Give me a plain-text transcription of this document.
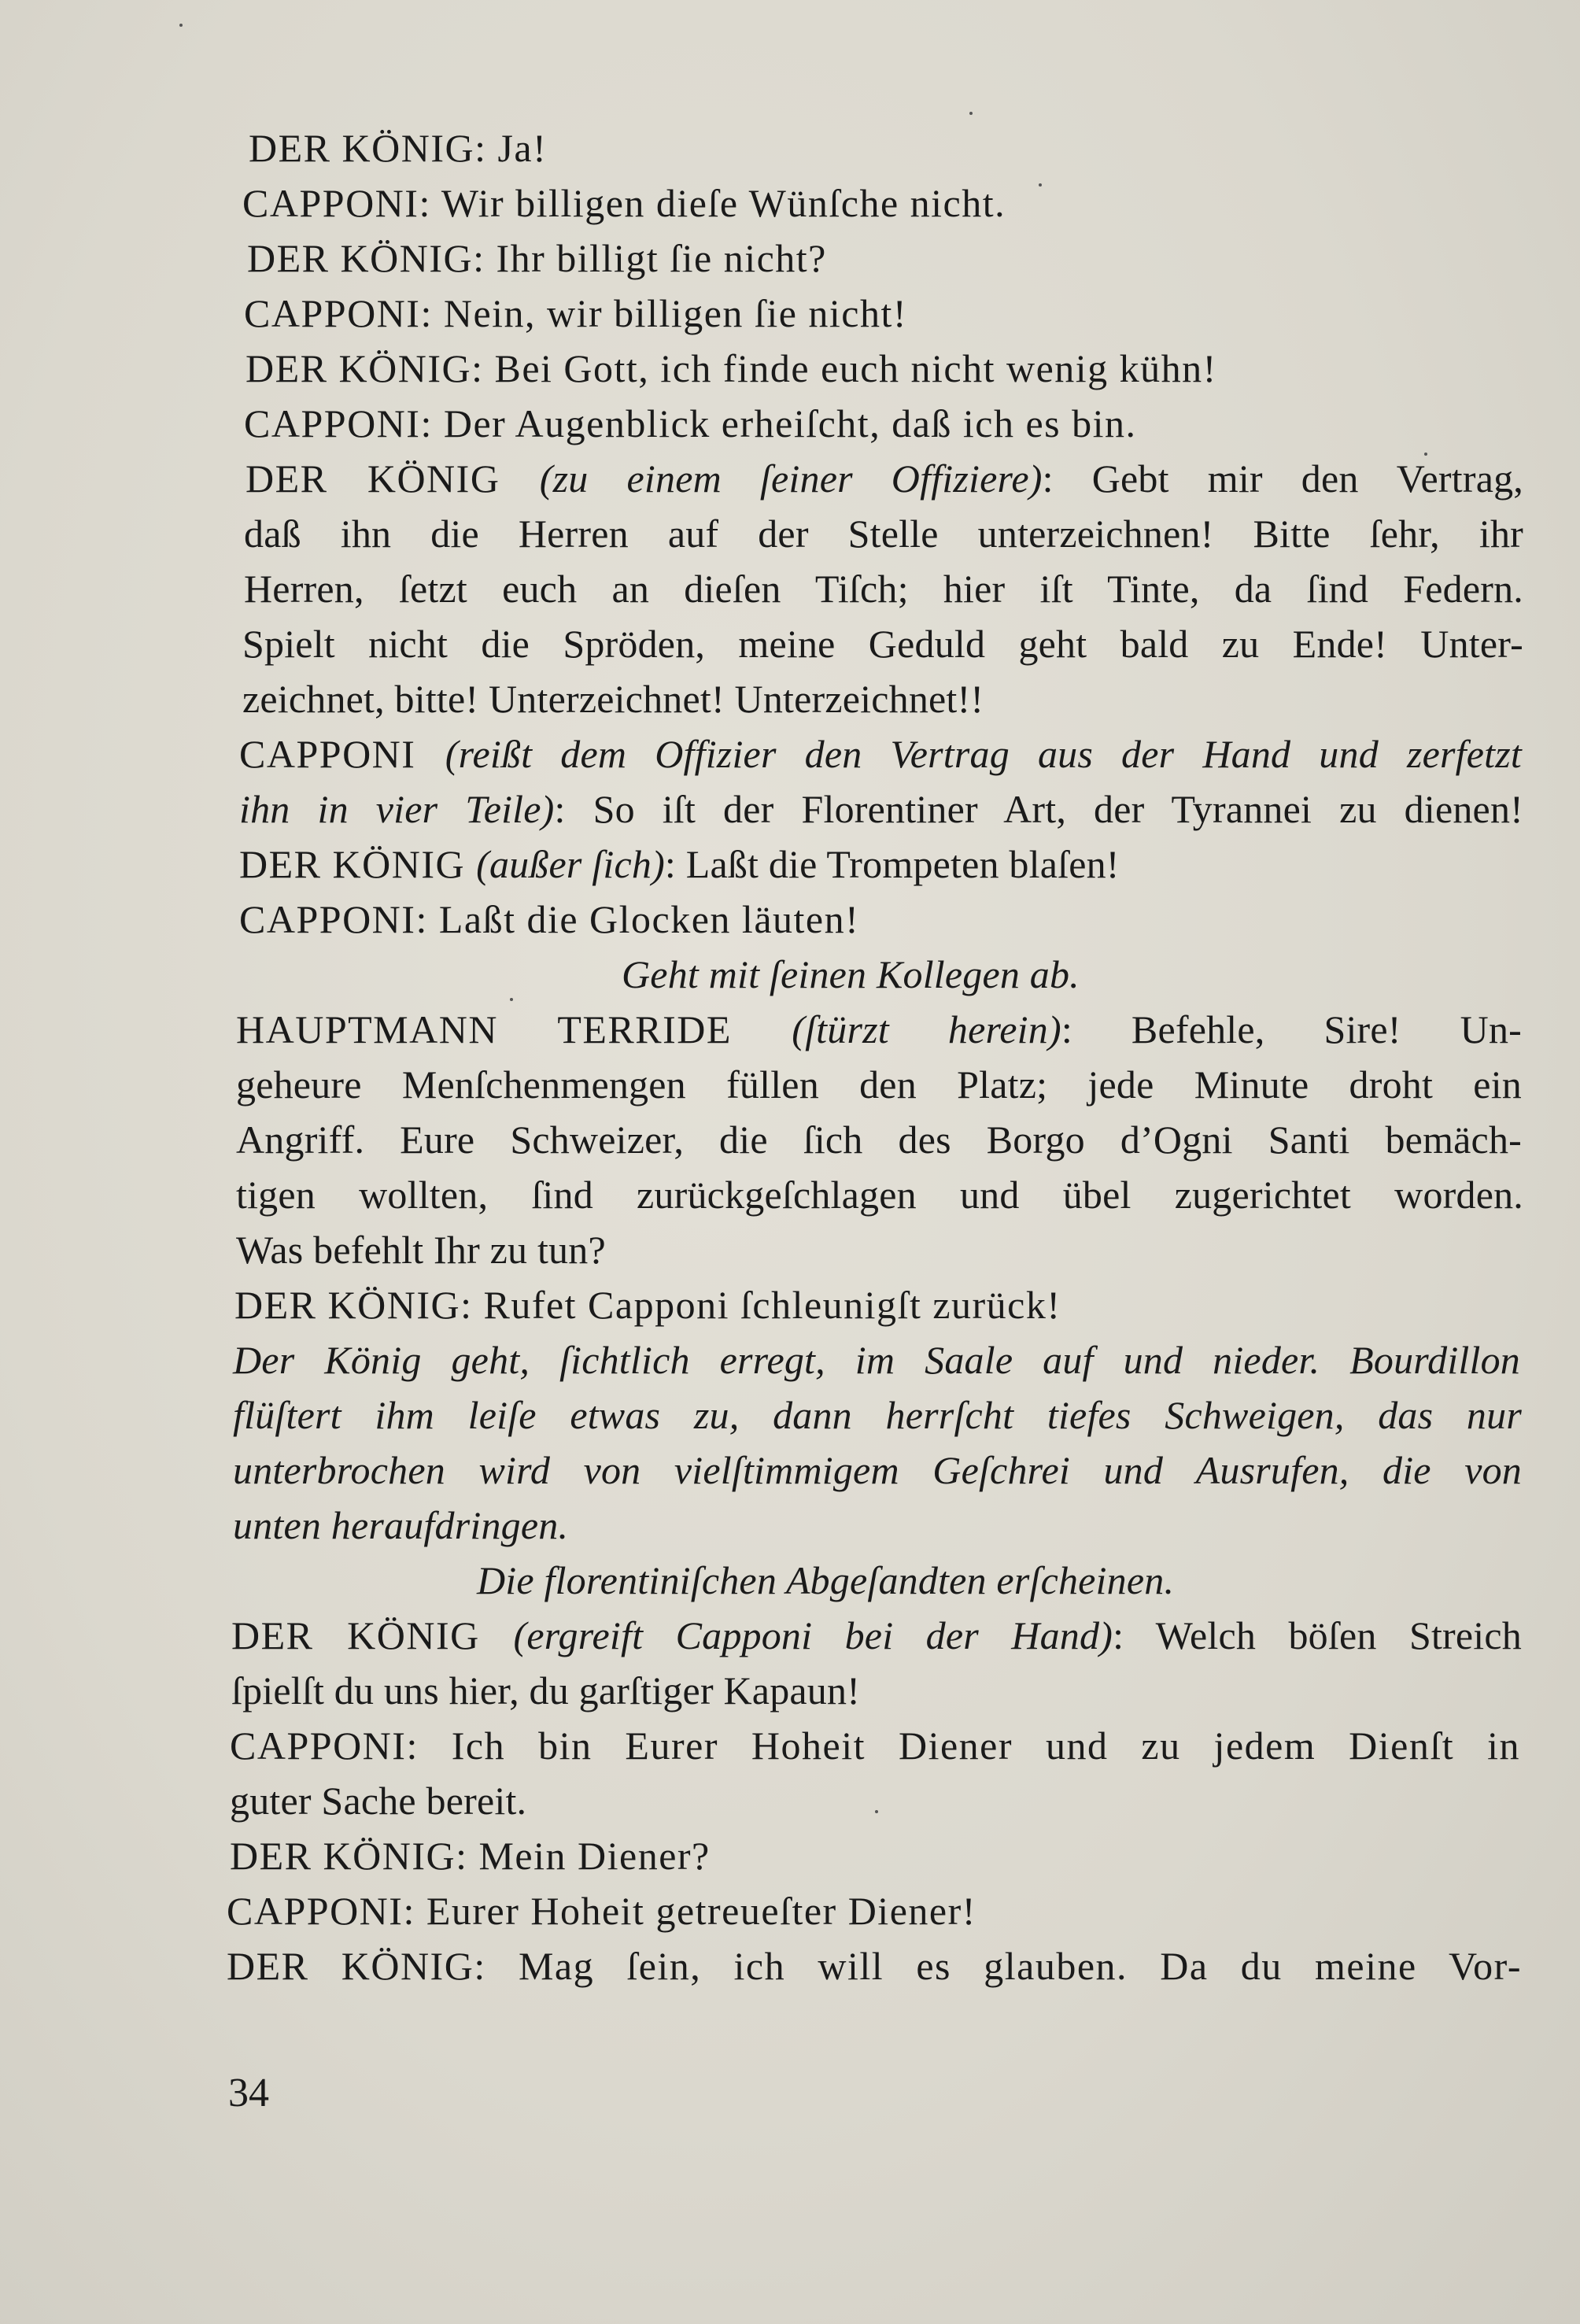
DER KÖNIG: Ja!

CAPPONI: Wir billigen dieſe Wünſche nicht.

DER KÖNIG: Ihr billigt ſie nicht?

CAPPONI: Nein, wir billigen ſie nicht!

DER KÖNIG: Bei Gott, ich finde euch nicht wenig kühn!

CAPPONI: Der Augenblick erheiſcht, daß ich es bin.

DER KÖNIG (zu einem ſeiner Offiziere): Gebt mir den Vertrag,

daß ihn die Herren auf der Stelle unterzeichnen! Bitte ſehr, ihr

Herren, ſetzt euch an dieſen Tiſch; hier iſt Tinte, da ſind Federn.

Spielt nicht die Spröden, meine Geduld geht bald zu Ende! Unter-

zeichnet, bitte! Unterzeichnet! Unterzeichnet!!

CAPPONI (reißt dem Offizier den Vertrag aus der Hand und zerfetzt

ihn in vier Teile): So iſt der Florentiner Art, der Tyrannei zu dienen!

DER KÖNIG (außer ſich): Laßt die Trompeten blaſen!

CAPPONI: Laßt die Glocken läuten!

Geht mit ſeinen Kollegen ab.

HAUPTMANN TERRIDE (ſtürzt herein): Befehle, Sire! Un-

geheure Menſchenmengen füllen den Platz; jede Minute droht ein

Angriff. Eure Schweizer, die ſich des Borgo d’Ogni Santi bemäch-

tigen wollten, ſind zurückgeſchlagen und übel zugerichtet worden.

Was befehlt Ihr zu tun?

DER KÖNIG: Rufet Capponi ſchleunigſt zurück!

Der König geht, ſichtlich erregt, im Saale auf und nieder. Bourdillon

flüſtert ihm leiſe etwas zu, dann herrſcht tiefes Schweigen, das nur

unterbrochen wird von vielſtimmigem Geſchrei und Ausrufen, die von

unten heraufdringen.

Die florentiniſchen Abgeſandten erſcheinen.

DER KÖNIG (ergreift Capponi bei der Hand): Welch böſen Streich

ſpielſt du uns hier, du garſtiger Kapaun!

CAPPONI: Ich bin Eurer Hoheit Diener und zu jedem Dienſt in

guter Sache bereit.

DER KÖNIG: Mein Diener?

CAPPONI: Eurer Hoheit getreueſter Diener!

DER KÖNIG: Mag ſein, ich will es glauben. Da du meine Vor-

34
